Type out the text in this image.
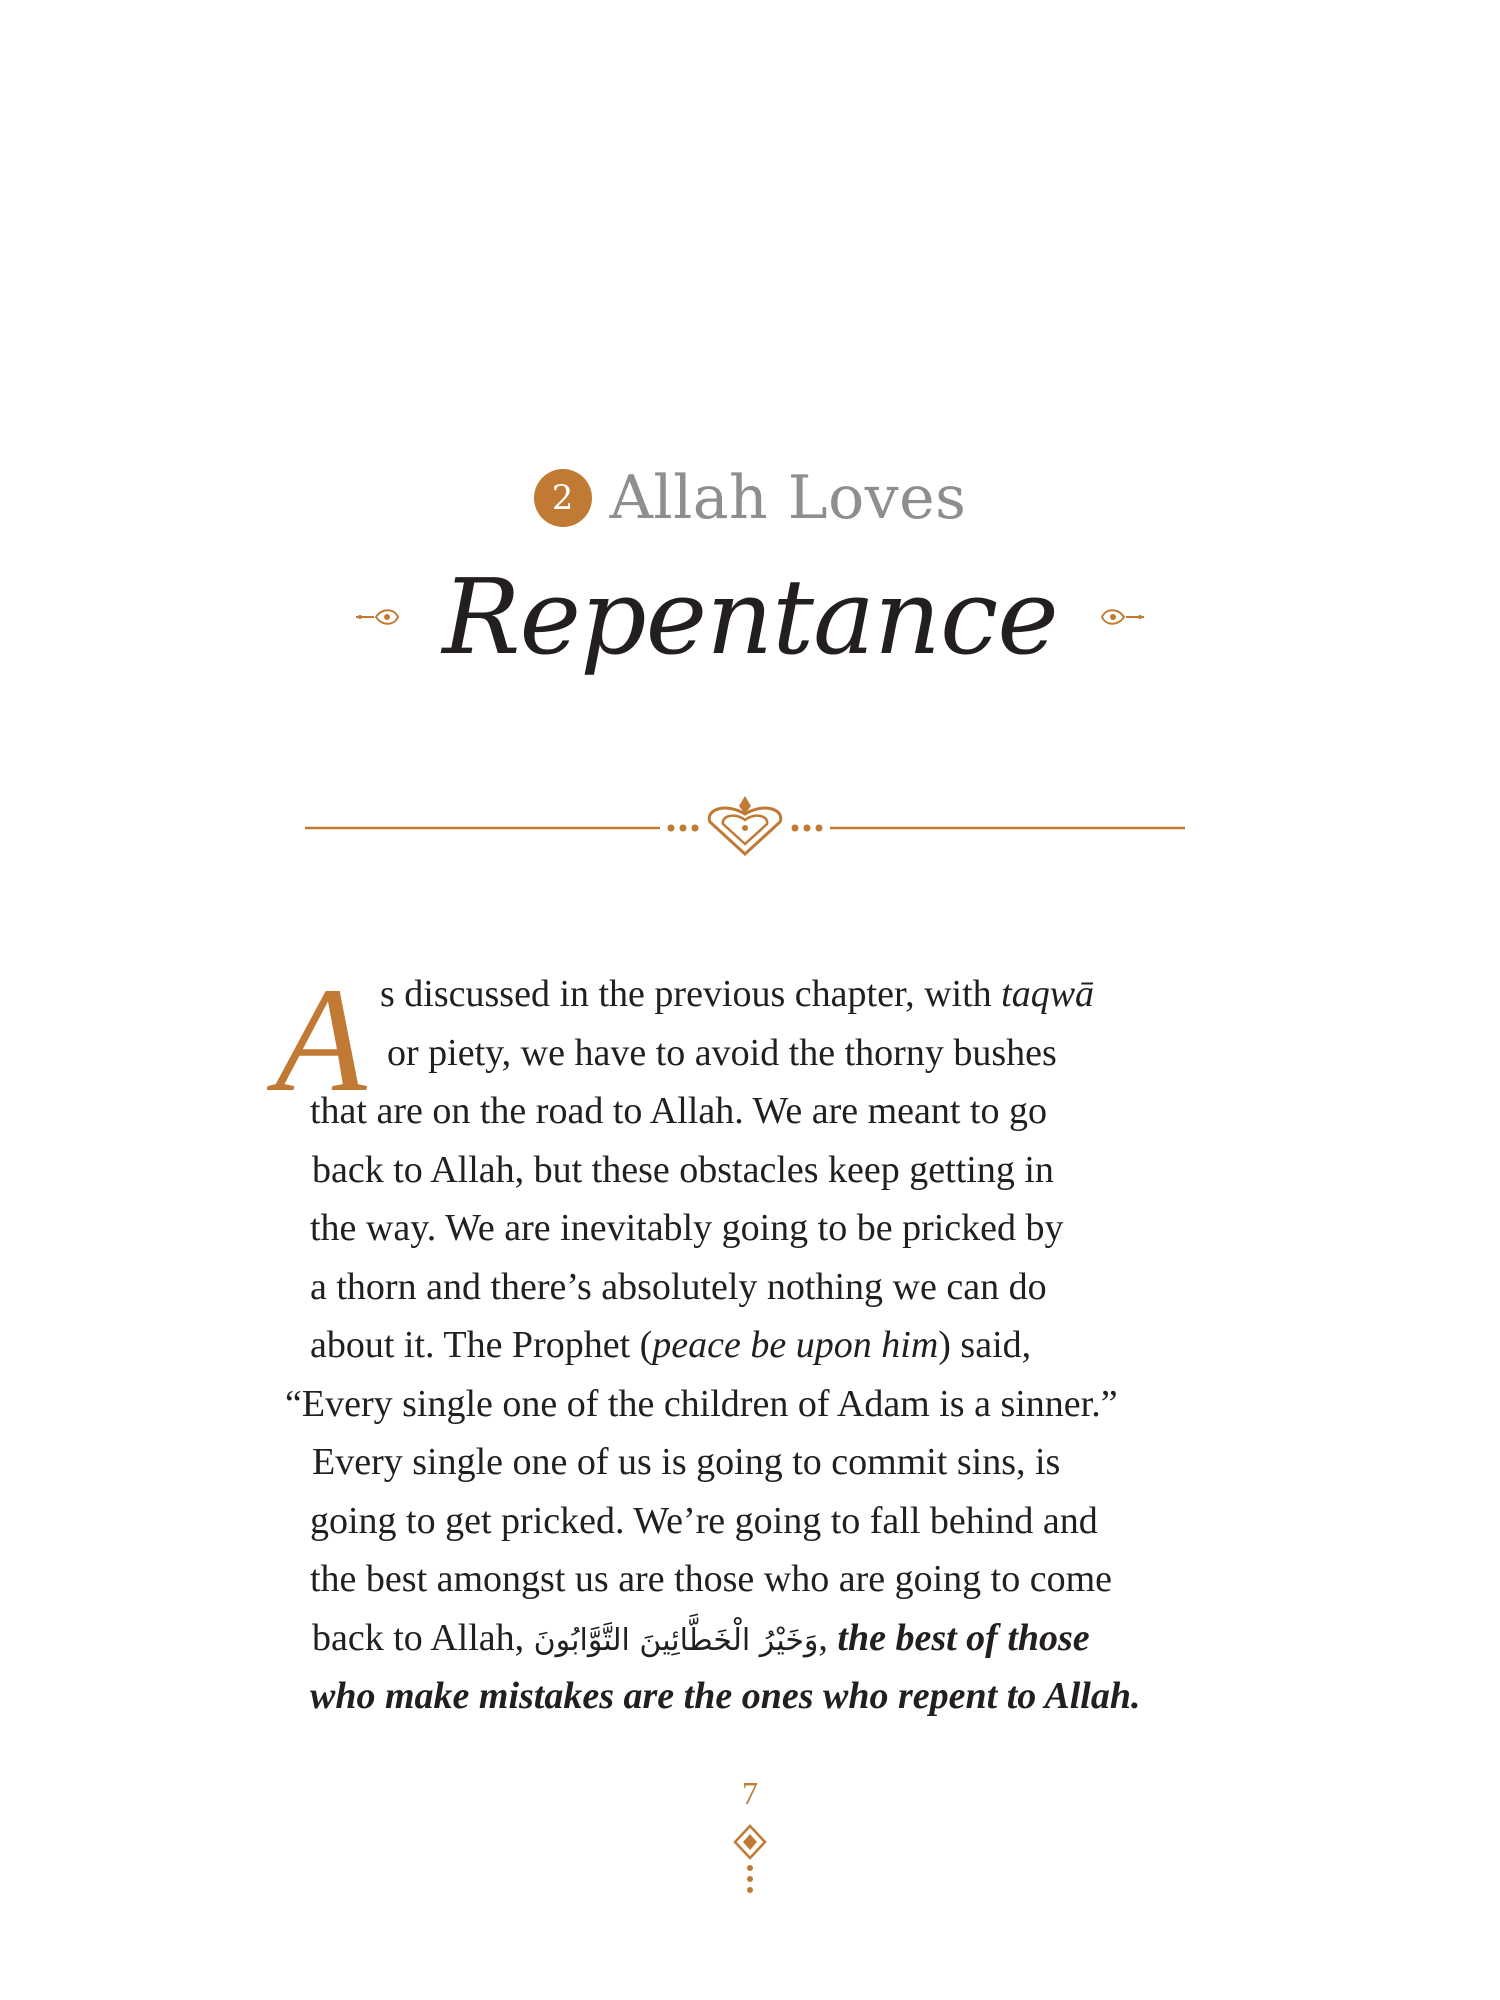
2 Allah Loves
Repentance
A s discussed in the previous chapter, with taqwā
or piety, we have to avoid the thorny bushes
that are on the road to Allah. We are meant to go
back to Allah, but these obstacles keep getting in
the way. We are inevitably going to be pricked by
a thorn and there’s absolutely nothing we can do
about it. The Prophet (peace be upon him) said,
“Every single one of the children of Adam is a sinner.”
Every single one of us is going to commit sins, is
going to get pricked. We’re going to fall behind and
the best amongst us are those who are going to come
back to Allah, وَخَيْرُ الْخَطَّائِينَ التَّوَّابُونَ, the best of those
who make mistakes are the ones who repent to Allah.
7
